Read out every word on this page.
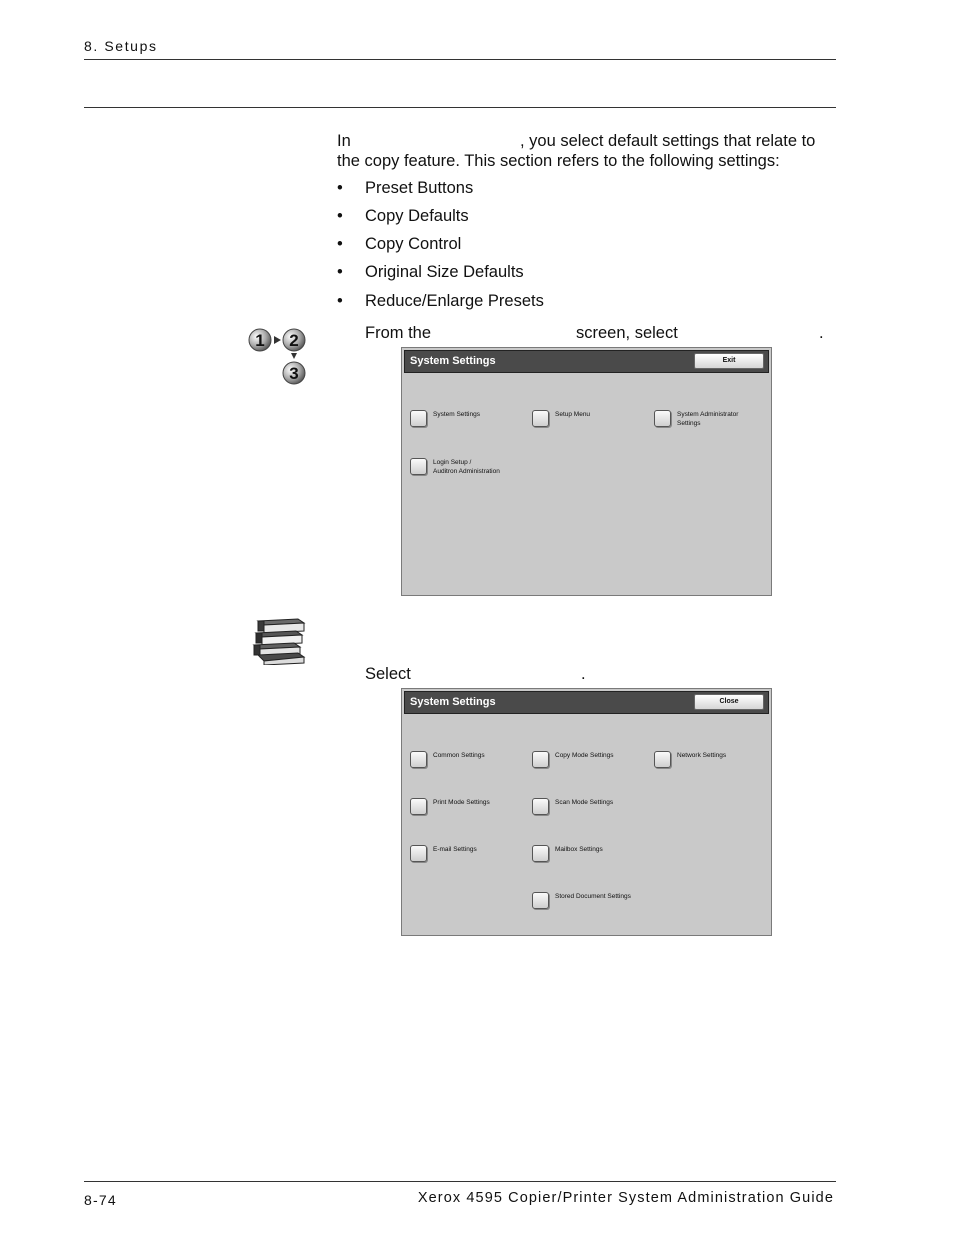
8. Setups
In	, you select default settings that relate to
the copy feature. This section refers to the following settings:
• Preset Buttons
• Copy Defaults
• Copy Control
• Original Size Defaults
• Reduce/Enlarge Presets
1 2
3
From the	screen, select	.
System Settings	Exit
System Settings	Setup Menu	System Administrator
Settings
Login Setup /
Auditron Administration
Select	.
System Settings	Close
Common Settings	Copy Mode Settings	Network Settings
Print Mode Settings	Scan Mode Settings
E-mail Settings	Mailbox Settings
Stored Document Settings
8-74	Xerox 4595 Copier/Printer System Administration Guide
